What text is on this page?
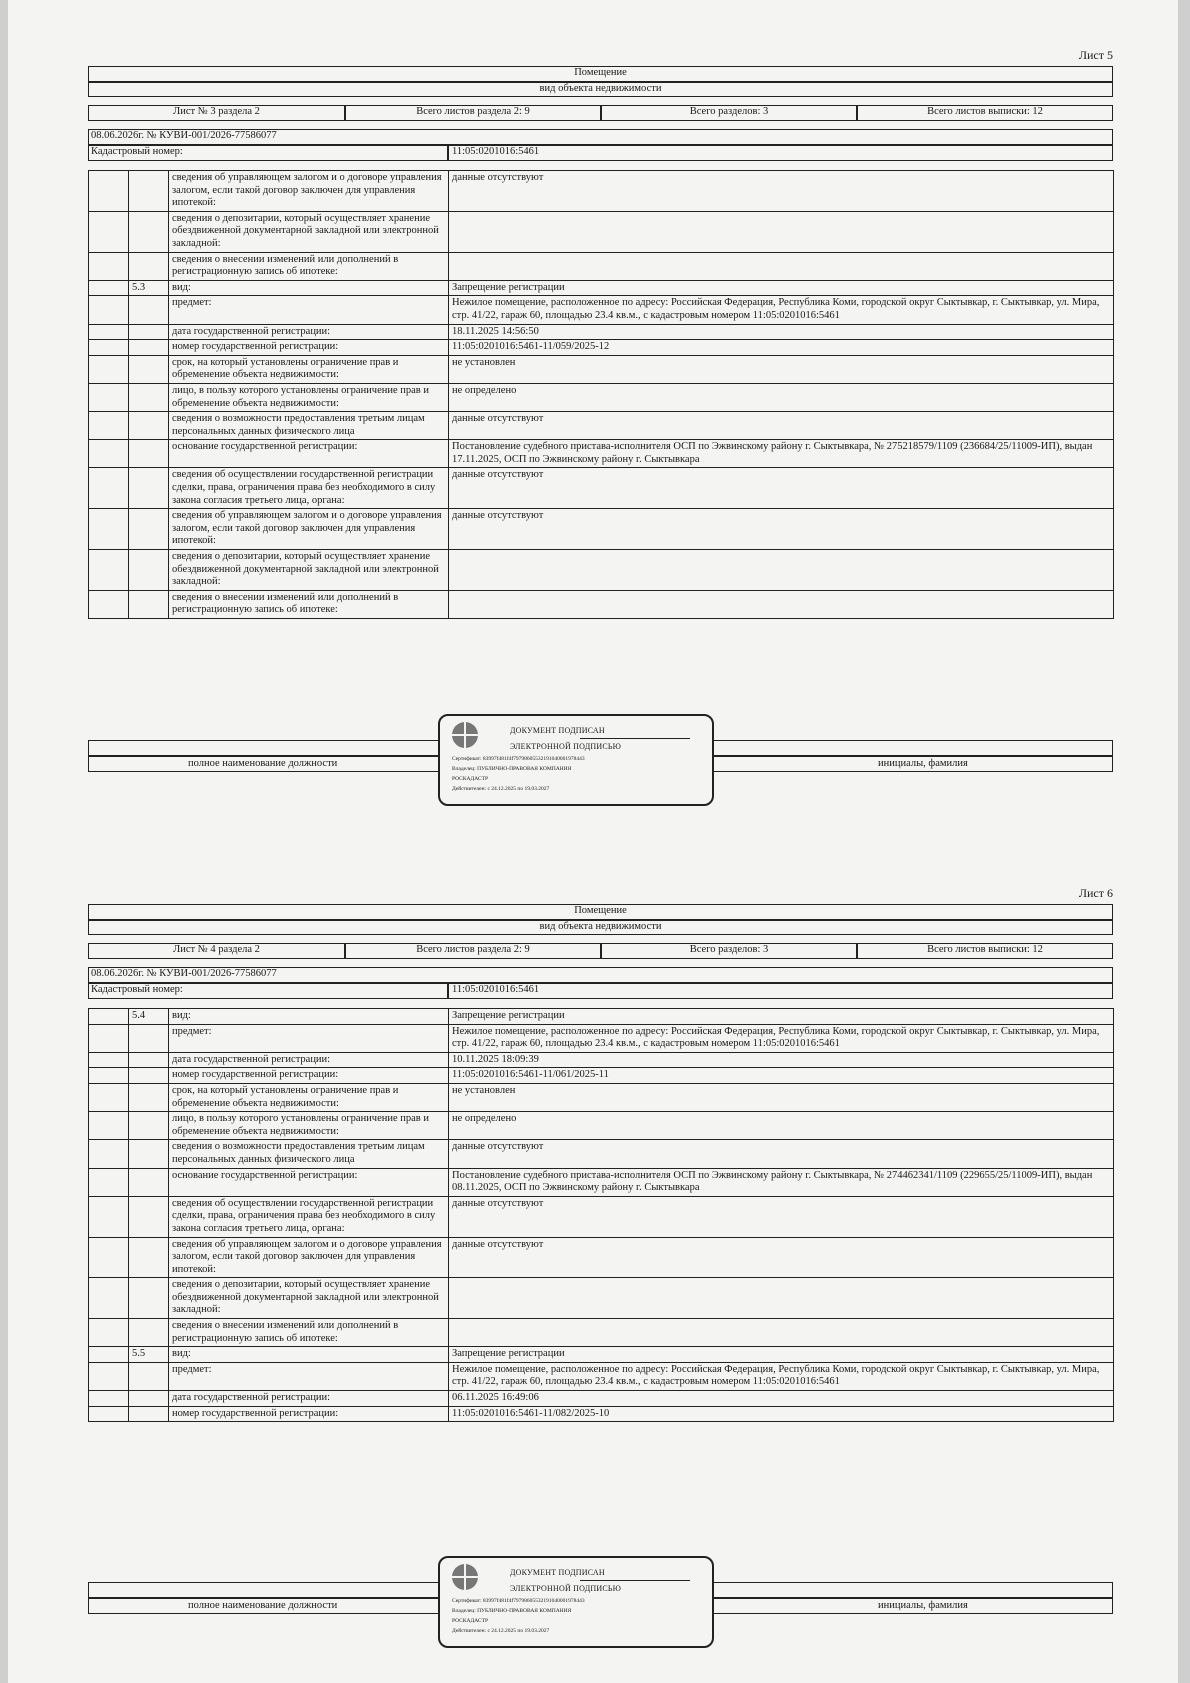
Лист 5
Помещение
вид объекта недвижимости
Лист № 3 раздела 2	Всего листов раздела 2: 9	Всего разделов: 3	Всего листов выписки: 12
08.06.2026г. № КУВИ-001/2026-77586077
Кадастровый номер:	11:05:0201016:5461
		сведения об управляющем залогом и о договоре управления залогом, если такой договор заключен для управления ипотекой:	данные отсутствуют
		сведения о депозитарии, который осуществляет хранение обездвиженной документарной закладной или электронной закладной:	
		сведения о внесении изменений или дополнений в регистрационную запись об ипотеке:	
	5.3	вид:	Запрещение регистрации
		предмет:	Нежилое помещение, расположенное по адресу: Российская Федерация, Республика Коми, городской округ Сыктывкар, г. Сыктывкар, ул. Мира, стр. 41/22, гараж 60, площадью 23.4 кв.м., с кадастровым номером 11:05:0201016:5461
		дата государственной регистрации:	18.11.2025 14:56:50
		номер государственной регистрации:	11:05:0201016:5461-11/059/2025-12
		срок, на который установлены ограничение прав и обременение объекта недвижимости:	не установлен
		лицо, в пользу которого установлены ограничение прав и обременение объекта недвижимости:	не определено
		сведения о возможности предоставления третьим лицам персональных данных физического лица	данные отсутствуют
		основание государственной регистрации:	Постановление судебного пристава-исполнителя ОСП по Эжвинскому району г. Сыктывкара, № 275218579/1109 (236684/25/11009-ИП), выдан 17.11.2025, ОСП по Эжвинскому району г. Сыктывкара
		сведения об осуществлении государственной регистрации сделки, права, ограничения права без необходимого в силу закона согласия третьего лица, органа:	данные отсутствуют
		сведения об управляющем залогом и о договоре управления залогом, если такой договор заключен для управления ипотекой:	данные отсутствуют
		сведения о депозитарии, который осуществляет хранение обездвиженной документарной закладной или электронной закладной:	
		сведения о внесении изменений или дополнений в регистрационную запись об ипотеке:	
полное наименование должности	инициалы, фамилия
ДОКУМЕНТ ПОДПИСАН
ЭЛЕКТРОННОЙ ПОДПИСЬЮ
Сертификат: 83997f481f4f79798605532191040001978443
Владелец: ПУБЛИЧНО-ПРАВОВАЯ КОМПАНИЯ
РОСКАДАСТР
Действителен: с 24.12.2025 по 19.03.2027
Лист 6
Помещение
вид объекта недвижимости
Лист № 4 раздела 2	Всего листов раздела 2: 9	Всего разделов: 3	Всего листов выписки: 12
08.06.2026г. № КУВИ-001/2026-77586077
Кадастровый номер:	11:05:0201016:5461
	5.4	вид:	Запрещение регистрации
		предмет:	Нежилое помещение, расположенное по адресу: Российская Федерация, Республика Коми, городской округ Сыктывкар, г. Сыктывкар, ул. Мира, стр. 41/22, гараж 60, площадью 23.4 кв.м., с кадастровым номером 11:05:0201016:5461
		дата государственной регистрации:	10.11.2025 18:09:39
		номер государственной регистрации:	11:05:0201016:5461-11/061/2025-11
		срок, на который установлены ограничение прав и обременение объекта недвижимости:	не установлен
		лицо, в пользу которого установлены ограничение прав и обременение объекта недвижимости:	не определено
		сведения о возможности предоставления третьим лицам персональных данных физического лица	данные отсутствуют
		основание государственной регистрации:	Постановление судебного пристава-исполнителя ОСП по Эжвинскому району г. Сыктывкара, № 274462341/1109 (229655/25/11009-ИП), выдан 08.11.2025, ОСП по Эжвинскому району г. Сыктывкара
		сведения об осуществлении государственной регистрации сделки, права, ограничения права без необходимого в силу закона согласия третьего лица, органа:	данные отсутствуют
		сведения об управляющем залогом и о договоре управления залогом, если такой договор заключен для управления ипотекой:	данные отсутствуют
		сведения о депозитарии, который осуществляет хранение обездвиженной документарной закладной или электронной закладной:	
		сведения о внесении изменений или дополнений в регистрационную запись об ипотеке:	
	5.5	вид:	Запрещение регистрации
		предмет:	Нежилое помещение, расположенное по адресу: Российская Федерация, Республика Коми, городской округ Сыктывкар, г. Сыктывкар, ул. Мира, стр. 41/22, гараж 60, площадью 23.4 кв.м., с кадастровым номером 11:05:0201016:5461
		дата государственной регистрации:	06.11.2025 16:49:06
		номер государственной регистрации:	11:05:0201016:5461-11/082/2025-10
полное наименование должности	инициалы, фамилия
ДОКУМЕНТ ПОДПИСАН
ЭЛЕКТРОННОЙ ПОДПИСЬЮ
Сертификат: 83997f481f4f79798605532191040001978443
Владелец: ПУБЛИЧНО-ПРАВОВАЯ КОМПАНИЯ
РОСКАДАСТР
Действителен: с 24.12.2025 по 19.03.2027
